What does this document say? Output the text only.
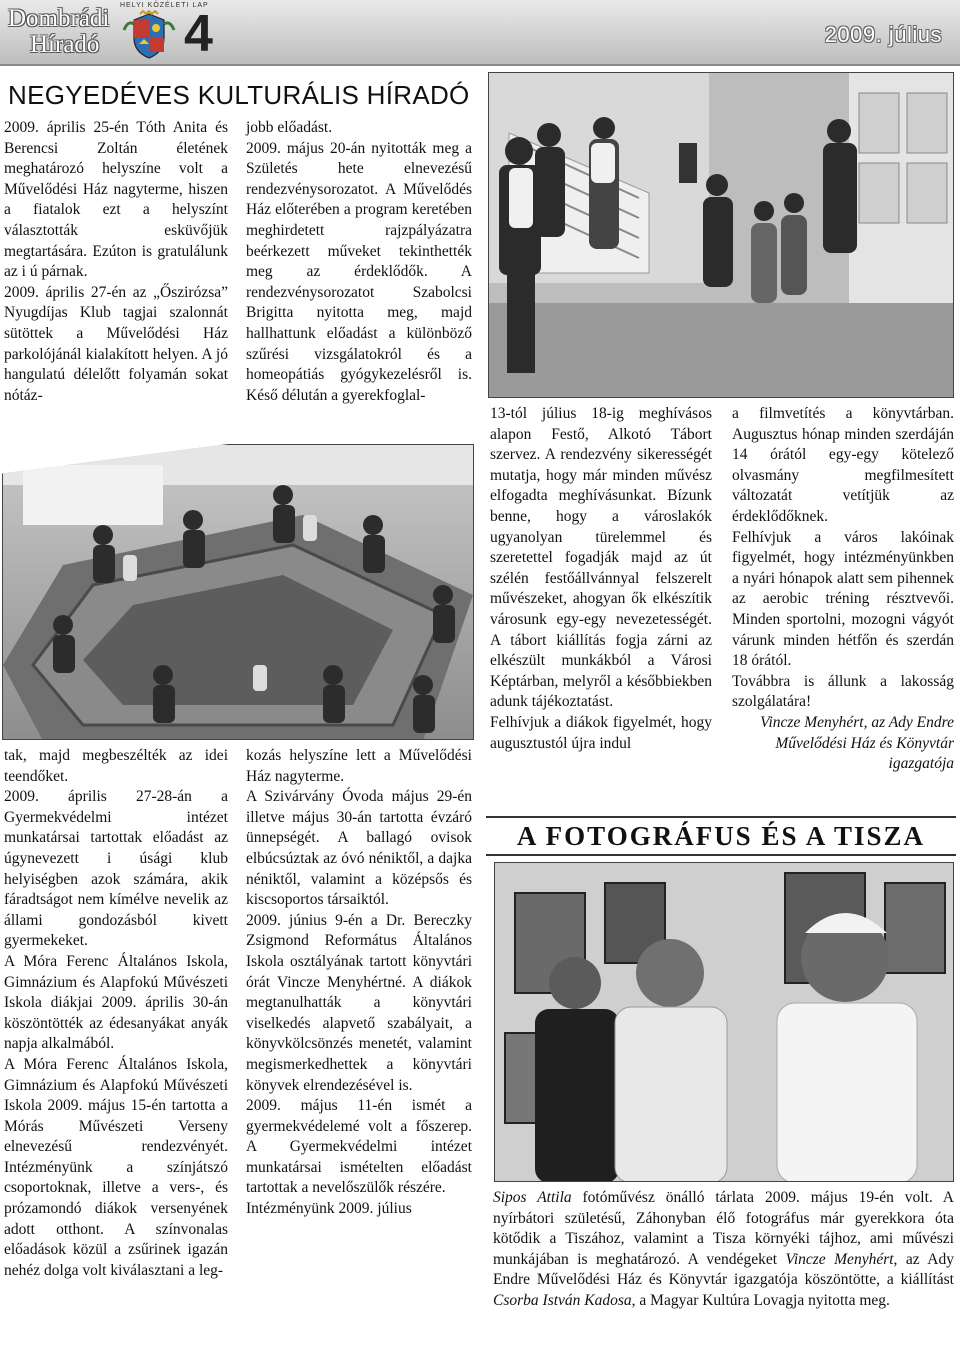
Dombrádi
Híradó
HELYI KÖZÉLETI LAP
4	2009. július
NEGYEDÉVES KULTURÁLIS HÍRADÓ

2009. április 25-én Tóth Anita és Berencsi Zoltán életének meghatározó helyszíne volt a Művelődési Ház nagyterme, hiszen a fiatalok ezt a helyszínt választották esküvőjük megtartására. Ezúton is gratulálunk az i ú párnak.

2009. április 27-én az „Őszirózsa” Nyugdíjas Klub tagjai szalonnát sütöttek a Művelődési Ház parkolójánál kialakított helyen. A jó hangulatú délelőtt folyamán sokat nótáz-

jobb előadást.

2009. május 20-án nyitották meg a Születés hete elnevezésű rendezvénysorozatot. A Művelődés Ház előterében a program keretében meghirdetett rajzpályázatra beérkezett műveket tekinthették meg az érdeklődők. A rendezvénysorozatot Szabolcsi Brigitta nyitotta meg, majd hallhattunk előadást a különböző szűrési vizsgálatokról és a homeopátiás gyógykezelésről is. Késő délután a gyerekfoglal-

tak, majd megbeszélték az idei teendőket.

2009. április 27-28-án a Gyermekvédelmi intézet munkatársai tartottak előadást az úgynevezett i úsági klub helyiségben azok számára, akik fáradtságot nem kímélve nevelik az állami gondozásból kivett gyermekeket.

A Móra Ferenc Általános Iskola, Gimnázium és Alapfokú Művészeti Iskola diákjai 2009. április 30-án köszöntötték az édesanyákat anyák napja alkalmából.

A Móra Ferenc Általános Iskola, Gimnázium és Alapfokú Művészeti Iskola 2009. május 15-én tartotta a Mórás Művészeti Verseny elnevezésű rendezvényét. Intézményünk a színjátszó csoportoknak, illetve a vers-, és prózamondó diákok versenyének adott otthont. A színvonalas előadások közül a zsűrinek igazán nehéz dolga volt kiválasztani a leg-

kozás helyszíne lett a Művelődési Ház nagyterme.

A Szivárvány Óvoda május 29-én illetve május 30-án tartotta évzáró ünnepségét. A ballagó ovisok elbúcsúztak az óvó néniktől, a dajka néniktől, valamint a középsős és kiscsoportos társaiktól.

2009. június 9-én a Dr. Bereczky Zsigmond Református Általános Iskola osztályának tartott könyvtári órát Vincze Menyhértné. A diákok megtanulhatták a könyvtári viselkedés alapvető szabályait, a könyvkölcsönzés menetét, valamint megismerkedhettek a könyvtári könyvek elrendezésével is.

2009. május 11-én ismét a gyermekvédelemé volt a főszerep. A Gyermekvédelmi intézet munkatársai ismételten előadást tartottak a nevelőszülők részére.

Intézményünk 2009. július

13-tól július 18-ig meghívásos alapon Festő, Alkotó Tábort szervez. A rendezvény sikerességét mutatja, hogy már minden művész elfogadta meghívásunkat. Bízunk benne, hogy a városlakók ugyanolyan türelemmel és szeretettel fogadják majd az út szélén festőállvánnyal felszerelt művészeket, ahogyan ők elkészítik városunk egy-egy nevezetességét. A tábort kiállítás fogja zárni az elkészült munkákból a Városi Képtárban, melyről a későbbiekben adunk tájékoztatást.

Felhívjuk a diákok figyelmét, hogy augusztustól újra indul

a filmvetítés a könyvtárban. Augusztus hónap minden szerdáján 14 órától egy-egy kötelező olvasmány megfilmesített változatát vetítjük az érdeklődőknek.

Felhívjuk a város lakóinak figyelmét, hogy intézményünkben a nyári hónapok alatt sem pihennek az aerobic tréning résztvevői. Minden sportolni, mozogni vágyót várunk minden hétfőn és szerdán 18 órától.

Továbbra is állunk a lakosság szolgálatára!

Vincze Menyhért, az Ady Endre
Művelődési Ház és Könyvtár
igazgatója
A FOTOGRÁFUS ÉS A TISZA

Sipos Attila fotóművész önálló tárlata 2009. május 19-én volt. A nyírbátori születésű, Záhonyban élő fotográfus már gyerekkora óta kötődik a Tiszához, valamint a Tisza környéki tájhoz, ami művészi munkájában is meghatározó. A vendégeket Vincze Menyhért, az Ady Endre Művelődési Ház és Könyvtár igazgatója köszöntötte, a kiállítást Csorba István Kadosa, a Magyar Kultúra Lovagja nyitotta meg.
